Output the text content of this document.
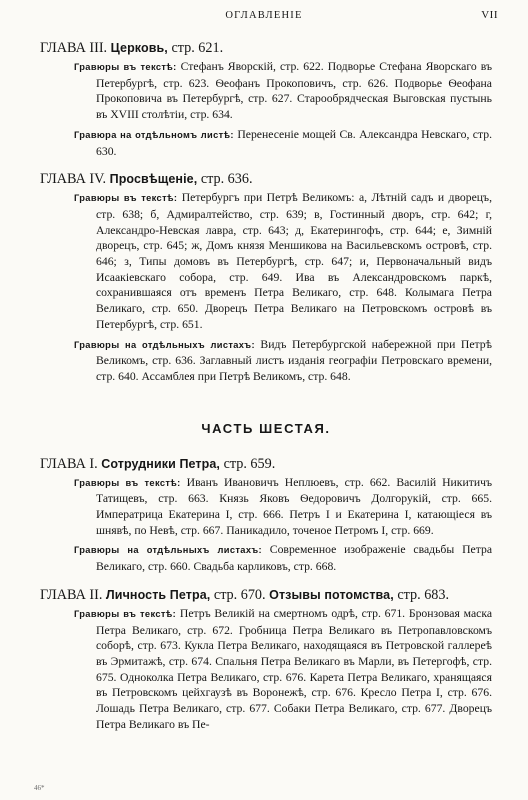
ОГЛАВЛЕНІЕ	VII
ГЛАВА III. Церковь, стр. 621.
Гравюры въ текстѣ: Стефанъ Яворскій, стр. 622. Подворье Стефана Яворскаго въ Петербургѣ, стр. 623. Ѳеофанъ Прокоповичъ, стр. 626. Подворье Ѳеофана Прокоповича въ Петербургѣ, стр. 627. Старообрядческая Выговская пустынь въ XVIII столѣтіи, стр. 634.
Гравюра на отдѣльномъ листѣ: Перенесеніе мощей Св. Александра Невскаго, стр. 630.
ГЛАВА IV. Просвѣщеніе, стр. 636.
Гравюры въ текстѣ: Петербургъ при Петрѣ Великомъ: а, Лѣтній садъ и дворецъ, стр. 638; б, Адмиралтейство, стр. 639; в, Гостинный дворъ, стр. 642; г, Александро-Невская лавра, стр. 643; д, Екатерингофъ, стр. 644; е, Зимній дворецъ, стр. 645; ж, Домъ князя Меншикова на Васильевскомъ островѣ, стр. 646; з, Типы домовъ въ Петербургѣ, стр. 647; и, Первоначальный видъ Исаакіевскаго собора, стр. 649. Ива въ Александровскомъ паркѣ, сохранившаяся отъ временъ Петра Великаго, стр. 648. Колымага Петра Великаго, стр. 650. Дворецъ Петра Великаго на Петровскомъ островѣ въ Петербургѣ, стр. 651.
Гравюры на отдѣльныхъ листахъ: Видъ Петербургской набережной при Петрѣ Великомъ, стр. 636. Заглавный листъ изданія географіи Петровскаго времени, стр. 640. Ассамблея при Петрѣ Великомъ, стр. 648.
ЧАСТЬ ШЕСТАЯ.
ГЛАВА I. Сотрудники Петра, стр. 659.
Гравюры въ текстѣ: Иванъ Ивановичъ Неплюевъ, стр. 662. Василій Никитичъ Татищевъ, стр. 663. Князь Яковъ Ѳедоровичъ Долгорукій, стр. 665. Императрица Екатерина I, стр. 666. Петръ I и Екатерина I, катающіеся въ шнявѣ, по Невѣ, стр. 667. Паникадило, точеное Петромъ I, стр. 669.
Гравюры на отдѣльныхъ листахъ: Современное изображеніе свадьбы Петра Великаго, стр. 660. Свадьба карликовъ, стр. 668.
ГЛАВА II. Личность Петра, стр. 670. Отзывы потомства, стр. 683.
Гравюры въ текстѣ: Петръ Великій на смертномъ одрѣ, стр. 671. Бронзовая маска Петра Великаго, стр. 672. Гробница Петра Великаго въ Петропавловскомъ соборѣ, стр. 673. Кукла Петра Великаго, находящаяся въ Петровской галлереѣ въ Эрмитажѣ, стр. 674. Спальня Петра Великаго въ Марли, въ Петергофѣ, стр. 675. Одноколка Петра Великаго, стр. 676. Карета Петра Великаго, хранящаяся въ Петровскомъ цейхгаузѣ въ Воронежѣ, стр. 676. Кресло Петра I, стр. 676. Лошадь Петра Великаго, стр. 677. Собаки Петра Великаго, стр. 677. Дворецъ Петра Великаго въ Пе-
46*
